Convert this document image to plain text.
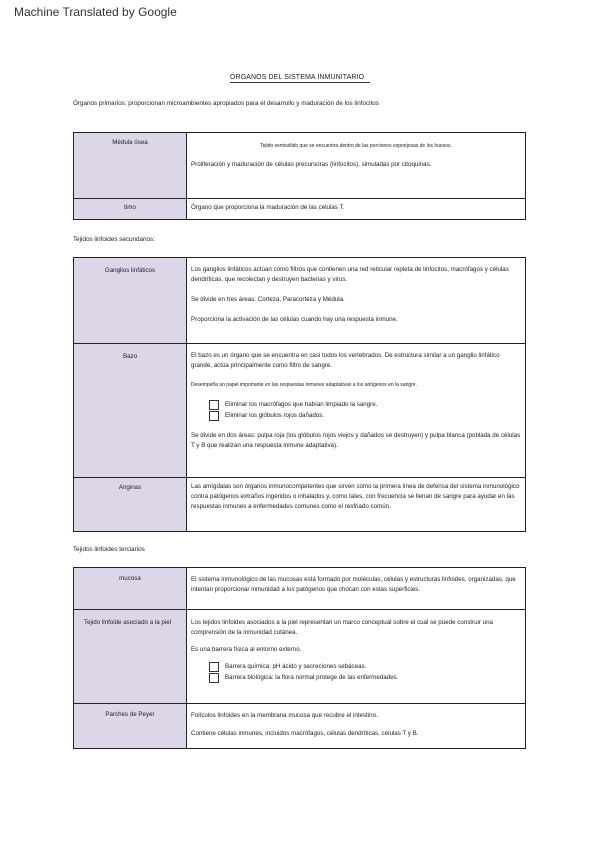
Machine Translated by Google
ÓRGANOS DEL SISTEMA INMUNITARIO
Órganos primarios: proporcionan microambientes apropiados para el desarrollo y maduración de los linfocitos
Médula ósea	Tejido semisólido que se encuentra dentro de las porciones esponjosas de los huesos.
Proliferación y maduración de células precursoras (linfocitos), simuladas por citoquinas.

timo	Órgano que proporciona la maduración de las células T.
Tejidos linfoides secundarios:
Ganglios linfáticos	Los ganglios linfáticos actúan como filtros que contienen una red reticular repleta de linfocitos, macrófagos y células dendríticas, que recolectan y destruyen bacterias y virus.
Se divide en tres áreas: Corteza, Paracorteza y Médula.
Proporciona la activación de las células cuando hay una respuesta inmune.

Bazo	El bazo es un órgano que se encuentra en casi todos los vertebrados. De estructura similar a un ganglio linfático grande, actúa principalmente como filtro de sangre.
Desempeña un papel importante en las respuestas inmunes adaptativas a los antígenos en la sangre.
Eliminar los macrófagos que habían limpiado la sangre.
Eliminar los glóbulos rojos dañados.
Se divide en dos áreas: pulpa roja (los glóbulos rojos viejos y dañados se destruyen) y pulpa blanca (poblada de células T y B que realizan una respuesta inmune adaptativa).

Anginas	Las amígdalas son órganos inmunocompetentes que sirven como la primera línea de defensa del sistema inmunológico contra patógenos extraños ingeridos o inhalados y, como tales, con frecuencia se llenan de sangre para ayudar en las respuestas inmunes a enfermedades comunes como el resfriado común.
Tejidos linfoides terciarios
mucosa	El sistema inmunológico de las mucosas está formado por moléculas, células y estructuras linfoides, organizadas, que intentan proporcionar inmunidad a los patógenos que chocan con estas superficies.

Tejido linfoide asociado a la piel	Los tejidos linfoides asociados a la piel representan un marco conceptual sobre el cual se puede construir una comprensión de la inmunidad cutánea.
Es una barrera física al entorno externo.
Barrera química: pH ácido y secreciones sebáceas.
Barrera biológica: la flora normal protege de las enfermedades.

Parches de Peyer	Folículos linfoides en la membrana mucosa que recubre el intestino.
Contiene células inmunes, incluidos macrófagos, células dendríticas, células T y B.
